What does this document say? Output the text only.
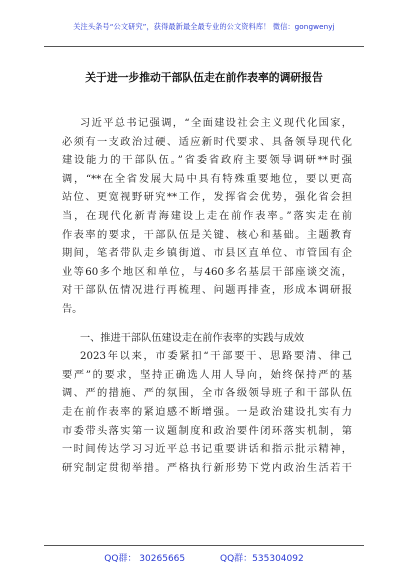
关注头条号“公文研究”，获得最新最全最专业的公文资料库！ 微信：gongwenyj
关于进一步推动干部队伍走在前作表率的调研报告
习近平总书记强调，“全面建设社会主义现代化国家，
必须有一支政治过硬、适应新时代要求、具备领导现代化
建设能力的干部队伍。”省委省政府主要领导调研**时强
调，“**在全省发展大局中具有特殊重要地位，要以更高
站位、更宽视野研究**工作，发挥省会优势，强化省会担
当，在现代化新青海建设上走在前作表率。”落实走在前
作表率的要求，干部队伍是关键、核心和基础。主题教育
期间，笔者带队走乡镇街道、市县区直单位、市管国有企
业等60多个地区和单位，与460多名基层干部座谈交流，
对干部队伍情况进行再梳理、问题再排查，形成本调研报
告。
一、推进干部队伍建设走在前作表率的实践与成效
2023年以来，市委紧扣“干部要干、思路要清、律己
要严”的要求，坚持正确选人用人导向，始终保持严的基
调、严的措施、严的氛围，全市各级领导班子和干部队伍
走在前作表率的紧迫感不断增强。一是政治建设扎实有力
市委带头落实第一议题制度和政治要件闭环落实机制，第
一时间传达学习习近平总书记重要讲话和指示批示精神，
研究制定贯彻举措。严格执行新形势下党内政治生活若干
QQ群： 30265665	QQ群：535304092
